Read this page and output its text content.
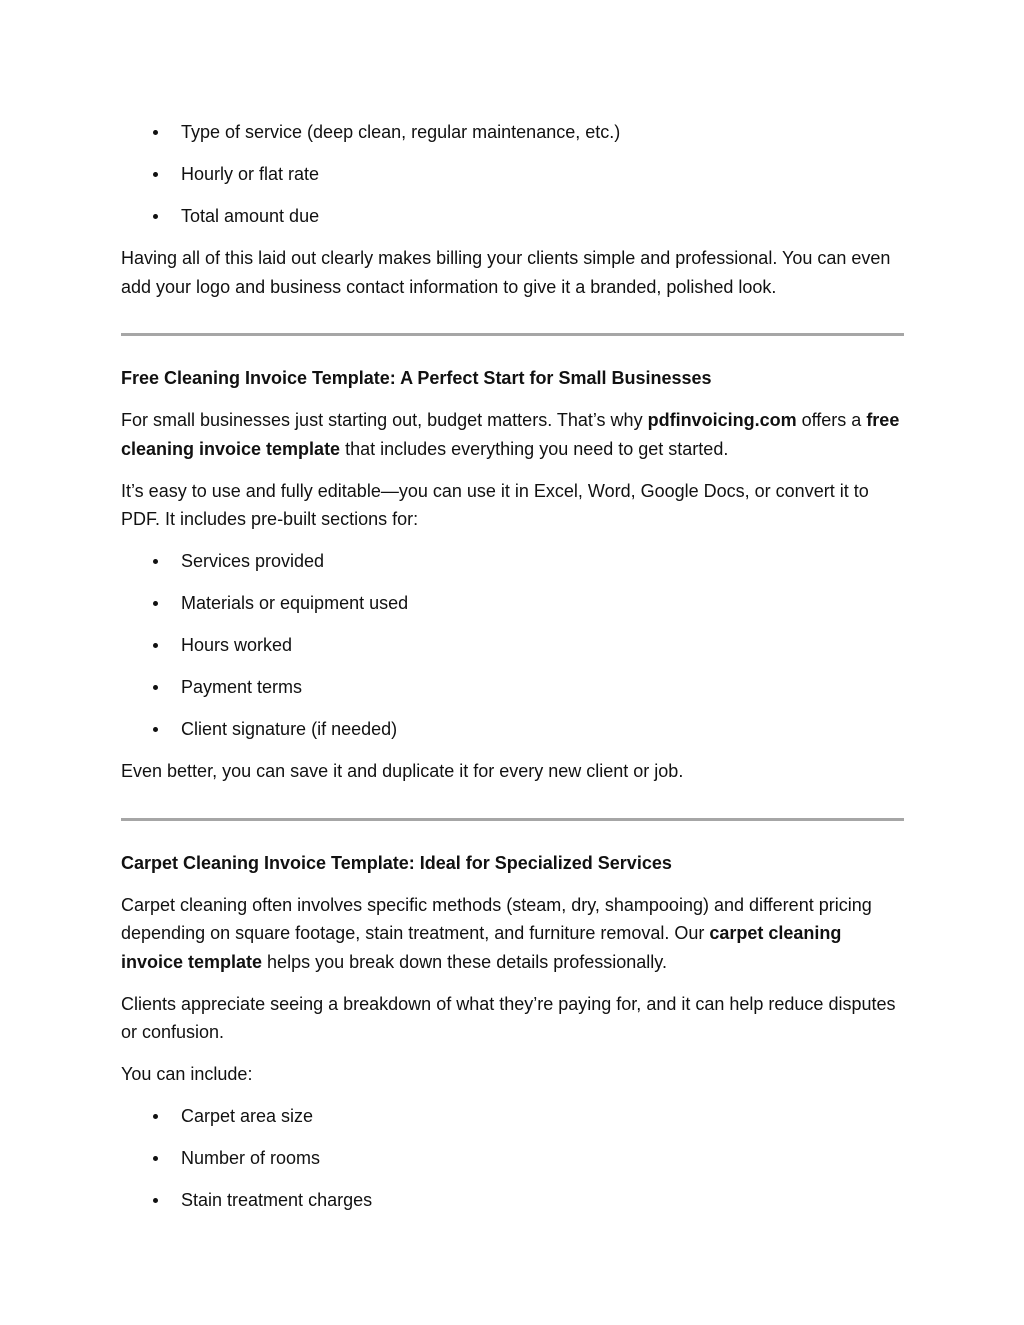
Type of service (deep clean, regular maintenance, etc.)
Hourly or flat rate
Total amount due

Having all of this laid out clearly makes billing your clients simple and professional. You can even add your logo and business contact information to give it a branded, polished look.

Free Cleaning Invoice Template: A Perfect Start for Small Businesses

For small businesses just starting out, budget matters. That’s why pdfinvoicing.com offers a free cleaning invoice template that includes everything you need to get started.

It’s easy to use and fully editable—you can use it in Excel, Word, Google Docs, or convert it to PDF. It includes pre-built sections for:

Services provided
Materials or equipment used
Hours worked
Payment terms
Client signature (if needed)

Even better, you can save it and duplicate it for every new client or job.

Carpet Cleaning Invoice Template: Ideal for Specialized Services

Carpet cleaning often involves specific methods (steam, dry, shampooing) and different pricing depending on square footage, stain treatment, and furniture removal. Our carpet cleaning invoice template helps you break down these details professionally.

Clients appreciate seeing a breakdown of what they’re paying for, and it can help reduce disputes or confusion.

You can include:

Carpet area size
Number of rooms
Stain treatment charges
